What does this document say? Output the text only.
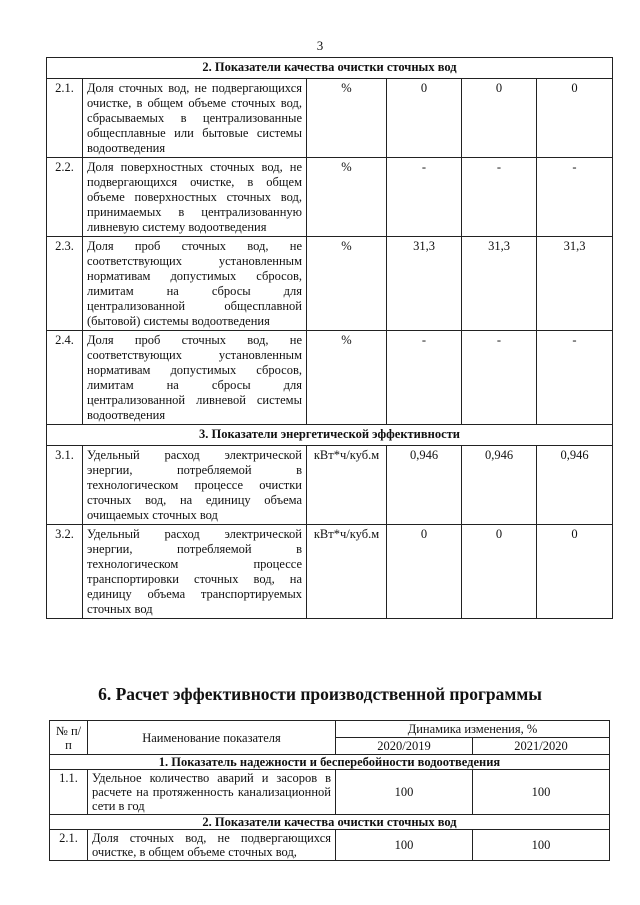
3
2. Показатели качества очистки сточных вод					
2.1.	Доля сточных вод, не подвергающихся очистке, в общем объеме сточных вод, сбрасываемых в централизованные общесплавные или бытовые системы водоотведения	%	0	0	0
2.2.	Доля поверхностных сточных вод, не подвергающихся очистке, в общем объеме поверхностных сточных вод, принимаемых в централизованную ливневую систему водоотведения	%	-	-	-
2.3.	Доля проб сточных вод, не соответствующих установленным нормативам допустимых сбросов, лимитам на сбросы для централизованной общесплавной (бытовой) системы водоотведения	%	31,3	31,3	31,3
2.4.	Доля проб сточных вод, не соответствующих установленным нормативам допустимых сбросов, лимитам на сбросы для централизованной ливневой системы водоотведения	%	-	-	-
3. Показатели энергетической эффективности					
3.1.	Удельный расход электрической энергии, потребляемой в технологическом процессе очистки сточных вод, на единицу объема очищаемых сточных вод	кВт*ч/куб.м	0,946	0,946	0,946
3.2.	Удельный расход электрической энергии, потребляемой в технологическом процессе транспортировки сточных вод, на единицу объема транспортируемых сточных вод	кВт*ч/куб.м	0	0	0
6. Расчет эффективности производственной программы
№ п/п	Наименование показателя	Динамика изменения, %	
		2020/2019	2021/2020
1. Показатель надежности и бесперебойности водоотведения			
1.1.	Удельное количество аварий и засоров в расчете на протяженность канализационной сети в год	100	100
2. Показатели качества очистки сточных вод			
2.1.	Доля сточных вод, не подвергающихся очистке, в общем объеме сточных вод,	100	100
